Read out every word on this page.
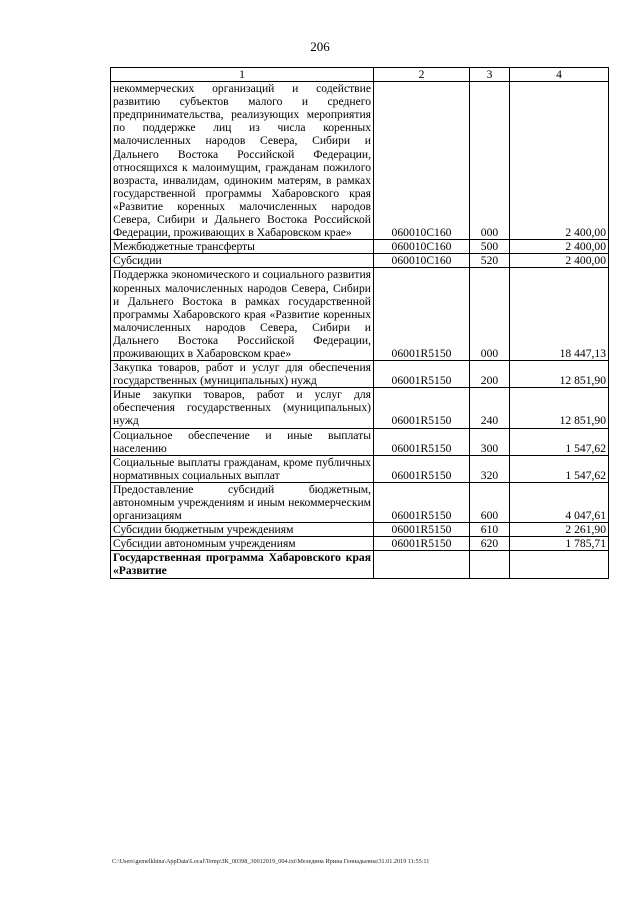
206
1	2	3	4
некоммерческих организаций и содействие развитию субъектов малого и среднего предпринимательства, реализующих мероприятия по поддержке лиц из числа коренных малочисленных народов Севера, Сибири и Дальнего Востока Российской Федерации, относящихся к малоимущим, гражданам пожилого возраста, инвалидам, одиноким матерям, в рамках государственной программы Хабаровского края «Развитие коренных малочисленных народов Севера, Сибири и Дальнего Востока Российской Федерации, проживающих в Хабаровском крае»	060010С160	000	2 400,00
Межбюджетные трансферты	060010С160	500	2 400,00
Субсидии	060010С160	520	2 400,00
Поддержка экономического и социального развития коренных малочисленных народов Севера, Сибири и Дальнего Востока в рамках государственной программы Хабаровского края «Развитие коренных малочисленных народов Севера, Сибири и Дальнего Востока Российской Федерации, проживающих в Хабаровском крае»	06001R5150	000	18 447,13
Закупка товаров, работ и услуг для обеспечения государственных (муниципальных) нужд	06001R5150	200	12 851,90
Иные закупки товаров, работ и услуг для обеспечения государственных (муниципальных) нужд	06001R5150	240	12 851,90
Социальное обеспечение и иные выплаты населению	06001R5150	300	1 547,62
Социальные выплаты гражданам, кроме публичных нормативных социальных выплат	06001R5150	320	1 547,62
Предоставление субсидий бюджетным, автономным учреждениям и иным некоммерческим организациям	06001R5150	600	4 047,61
Субсидии бюджетным учреждениям	06001R5150	610	2 261,90
Субсидии автономным учреждениям	06001R5150	620	1 785,71
Государственная программа Хабаровского края «Развитие			
C:\Users\gemelkhina\AppData\Local\Temp\ЗК_00398_30012019_004.txt\Меледина Ирина Геннадьевна\31.01.2019 11:55:11
